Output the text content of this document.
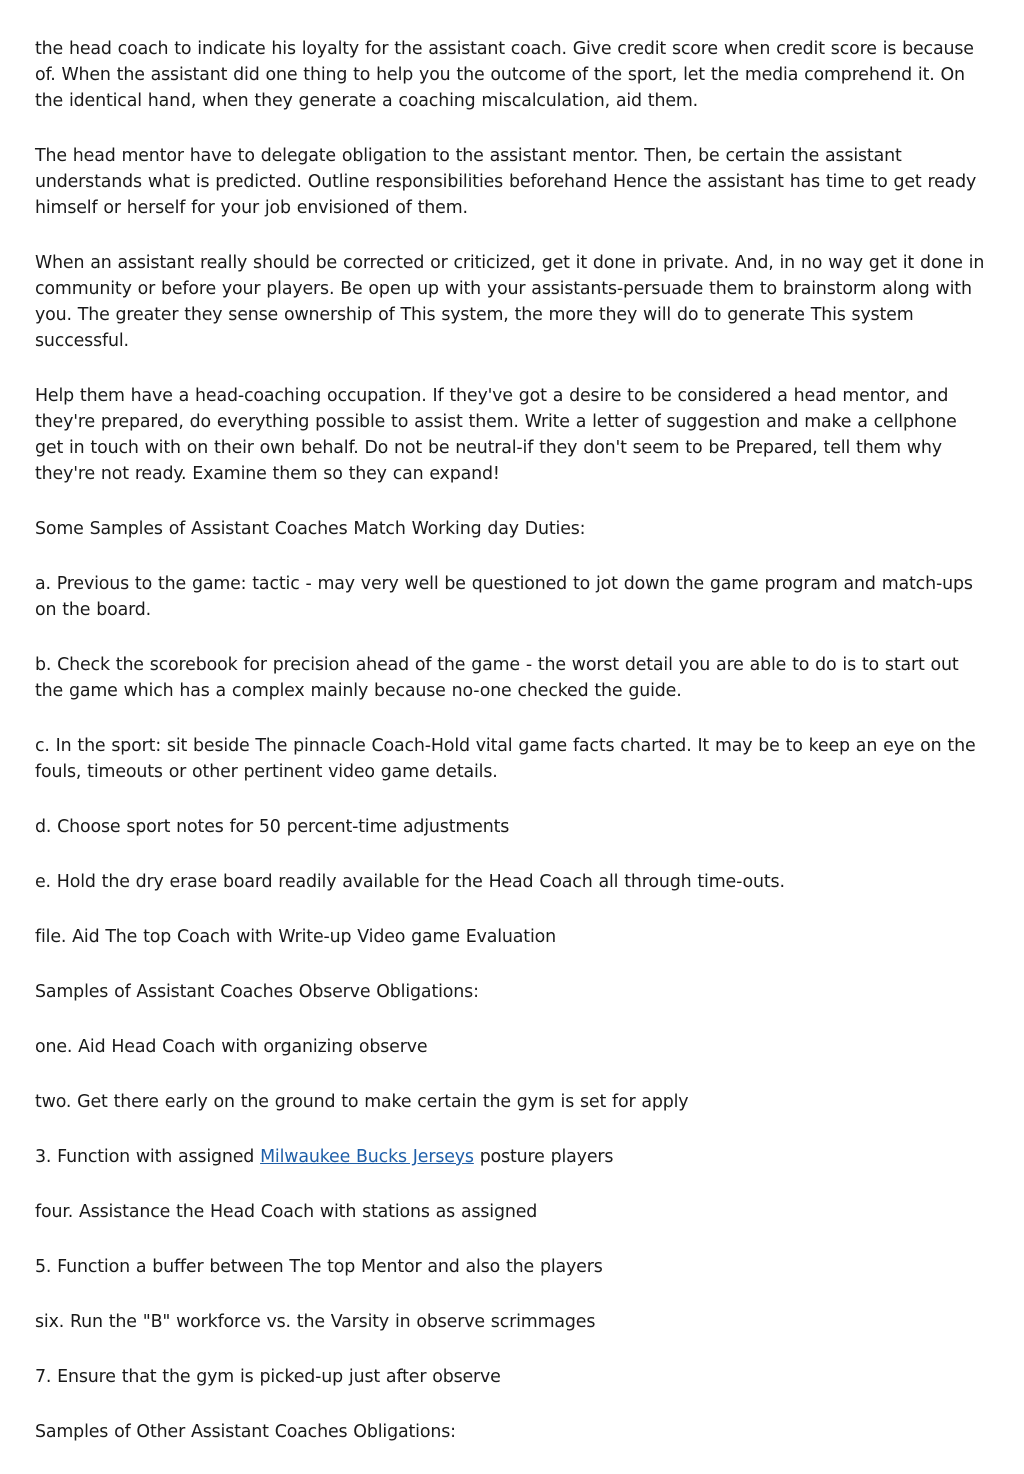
the head coach to indicate his loyalty for the assistant coach. Give credit score when credit score is because of. When the assistant did one thing to help you the outcome of the sport, let the media comprehend it. On the identical hand, when they generate a coaching miscalculation, aid them.

The head mentor have to delegate obligation to the assistant mentor. Then, be certain the assistant understands what is predicted. Outline responsibilities beforehand Hence the assistant has time to get ready himself or herself for your job envisioned of them.

When an assistant really should be corrected or criticized, get it done in private. And, in no way get it done in community or before your players. Be open up with your assistants-persuade them to brainstorm along with you. The greater they sense ownership of This system, the more they will do to generate This system successful.

Help them have a head-coaching occupation. If they've got a desire to be considered a head mentor, and they're prepared, do everything possible to assist them. Write a letter of suggestion and make a cellphone get in touch with on their own behalf. Do not be neutral-if they don't seem to be Prepared, tell them why they're not ready. Examine them so they can expand!

Some Samples of Assistant Coaches Match Working day Duties:

a. Previous to the game: tactic - may very well be questioned to jot down the game program and match-ups on the board.

b. Check the scorebook for precision ahead of the game - the worst detail you are able to do is to start out the game which has a complex mainly because no-one checked the guide.

c. In the sport: sit beside The pinnacle Coach-Hold vital game facts charted. It may be to keep an eye on the fouls, timeouts or other pertinent video game details.

d. Choose sport notes for 50 percent-time adjustments

e. Hold the dry erase board readily available for the Head Coach all through time-outs.

file. Aid The top Coach with Write-up Video game Evaluation

Samples of Assistant Coaches Observe Obligations:

one. Aid Head Coach with organizing observe

two. Get there early on the ground to make certain the gym is set for apply

3. Function with assigned Milwaukee Bucks Jerseys posture players

four. Assistance the Head Coach with stations as assigned

5. Function a buffer between The top Mentor and also the players

six. Run the "B" workforce vs. the Varsity in observe scrimmages

7. Ensure that the gym is picked-up just after observe

Samples of Other Assistant Coaches Obligations:
